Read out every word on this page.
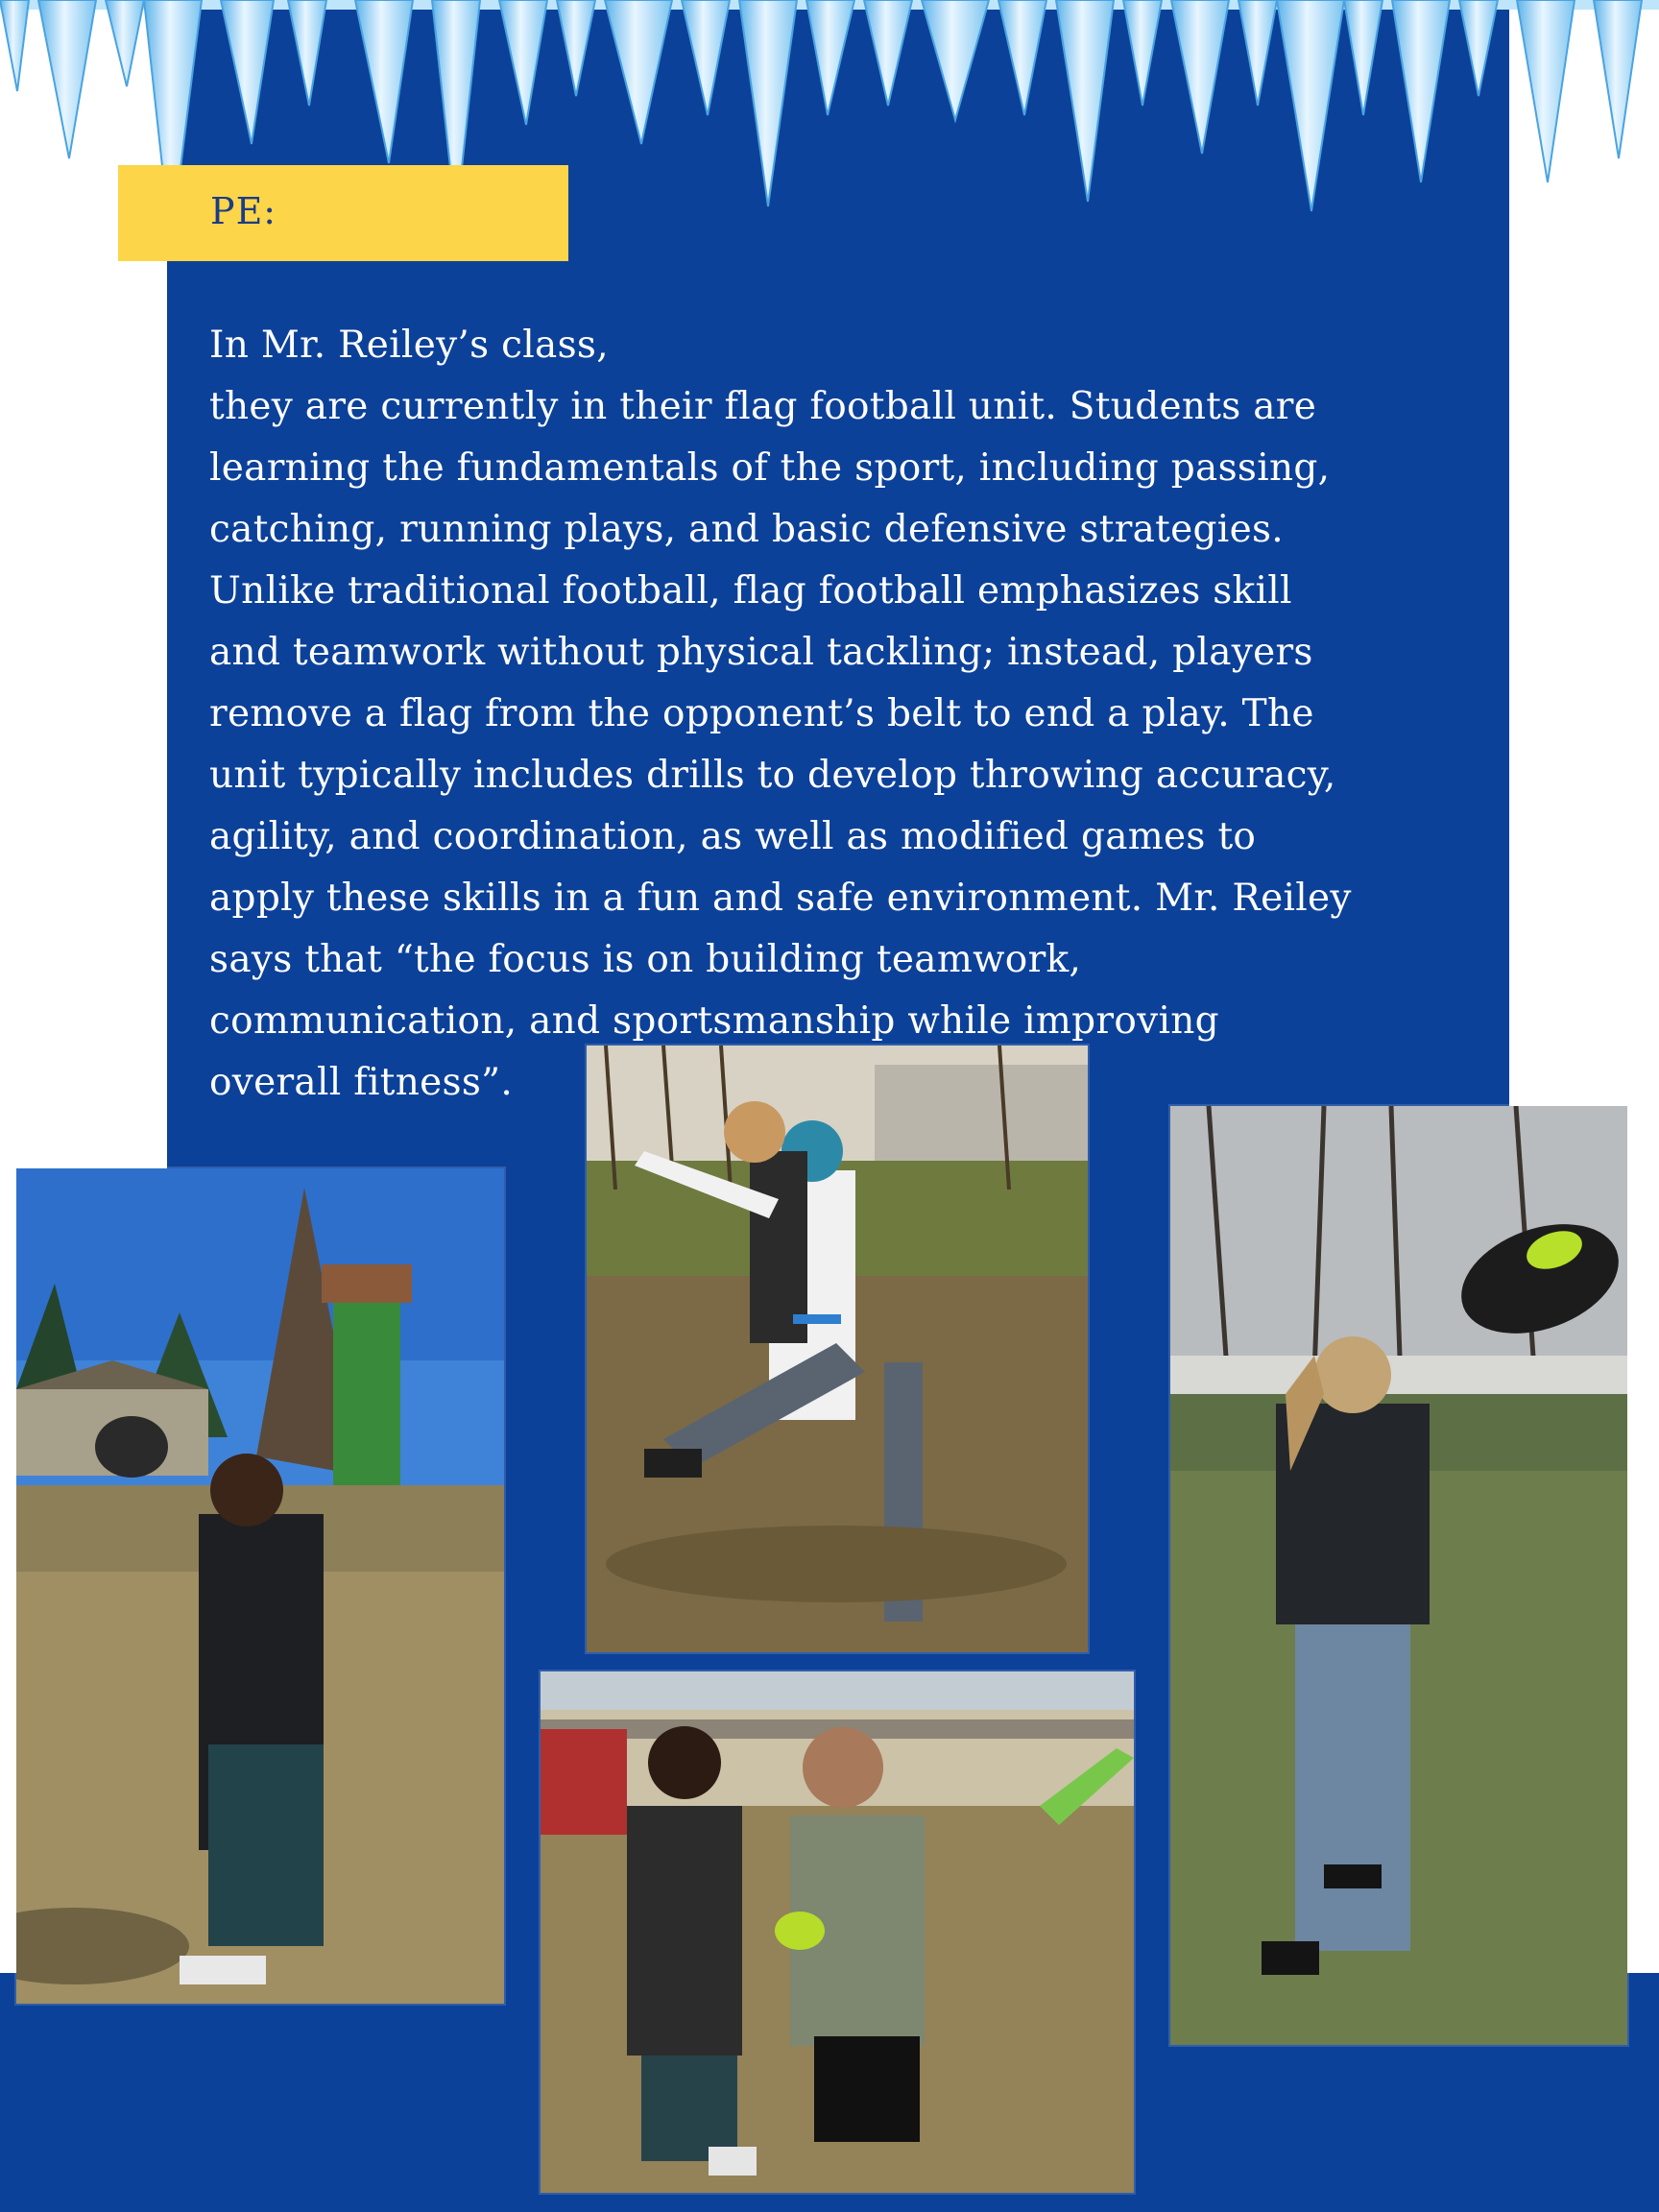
PE:

In Mr. Reiley’s class,

they are currently in their flag football unit. Students are

learning the fundamentals of the sport, including passing,

catching, running plays, and basic defensive strategies.

Unlike traditional football, flag football emphasizes skill

and teamwork without physical tackling; instead, players

remove a flag from the opponent’s belt to end a play. The

unit typically includes drills to develop throwing accuracy,

agility, and coordination, as well as modified games to

apply these skills in a fun and safe environment. Mr. Reiley

says that “the focus is on building teamwork,

communication, and sportsmanship while improving

overall fitness”.
